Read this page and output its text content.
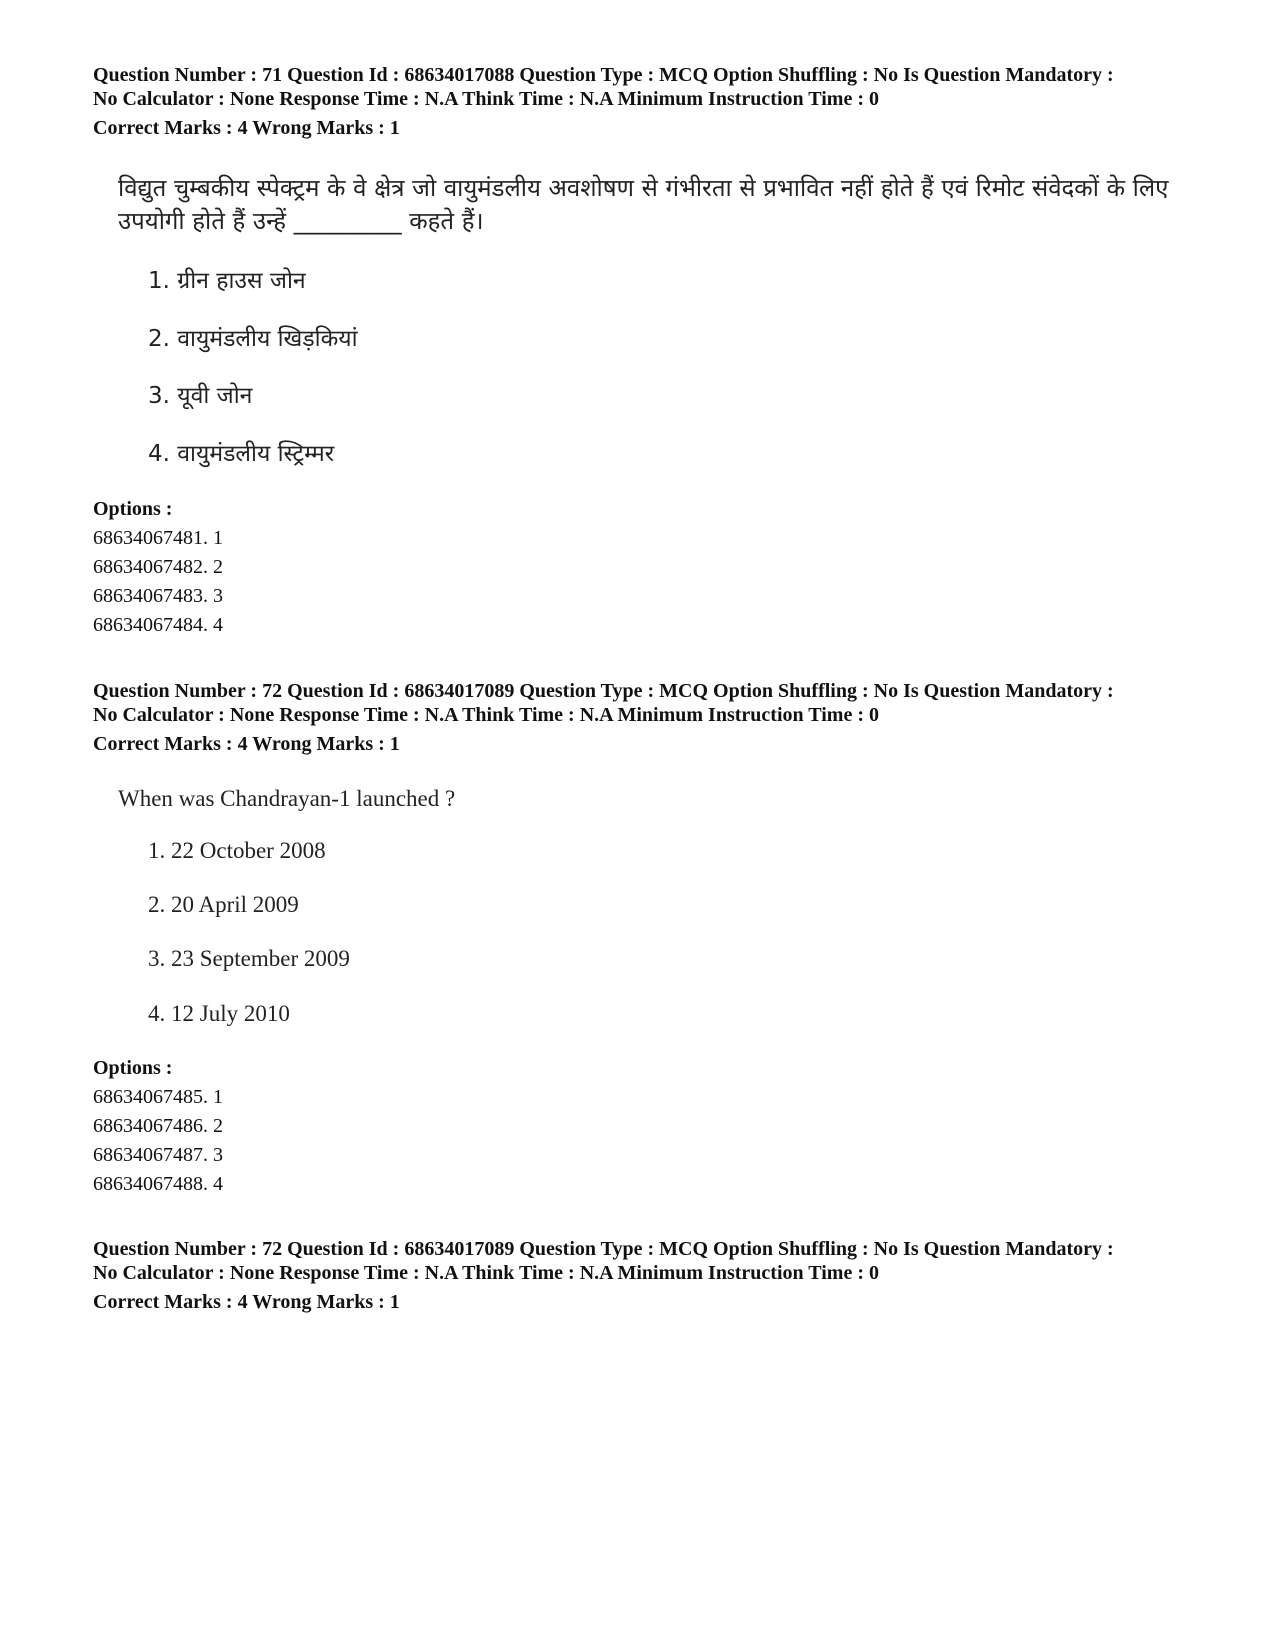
Question Number : 71 Question Id : 68634017088 Question Type : MCQ Option Shuffling : No Is Question Mandatory :
No Calculator : None Response Time : N.A Think Time : N.A Minimum Instruction Time : 0
Correct Marks : 4 Wrong Marks : 1
विद्युत चुम्बकीय स्पेक्ट्रम के वे क्षेत्र जो वायुमंडलीय अवशोषण से गंभीरता से प्रभावित नहीं होते हैं एवं रिमोट संवेदकों के लिए उपयोगी होते हैं उन्हें _________ कहते हैं।
1. ग्रीन हाउस जोन
2. वायुमंडलीय खिड़कियां
3. यूवी जोन
4. वायुमंडलीय स्ट्रिम्मर
Options :
68634067481. 1
68634067482. 2
68634067483. 3
68634067484. 4
Question Number : 72 Question Id : 68634017089 Question Type : MCQ Option Shuffling : No Is Question Mandatory :
No Calculator : None Response Time : N.A Think Time : N.A Minimum Instruction Time : 0
Correct Marks : 4 Wrong Marks : 1
When was Chandrayan-1 launched ?
1. 22 October 2008
2. 20 April 2009
3. 23 September 2009
4. 12 July 2010
Options :
68634067485. 1
68634067486. 2
68634067487. 3
68634067488. 4
Question Number : 72 Question Id : 68634017089 Question Type : MCQ Option Shuffling : No Is Question Mandatory :
No Calculator : None Response Time : N.A Think Time : N.A Minimum Instruction Time : 0
Correct Marks : 4 Wrong Marks : 1
